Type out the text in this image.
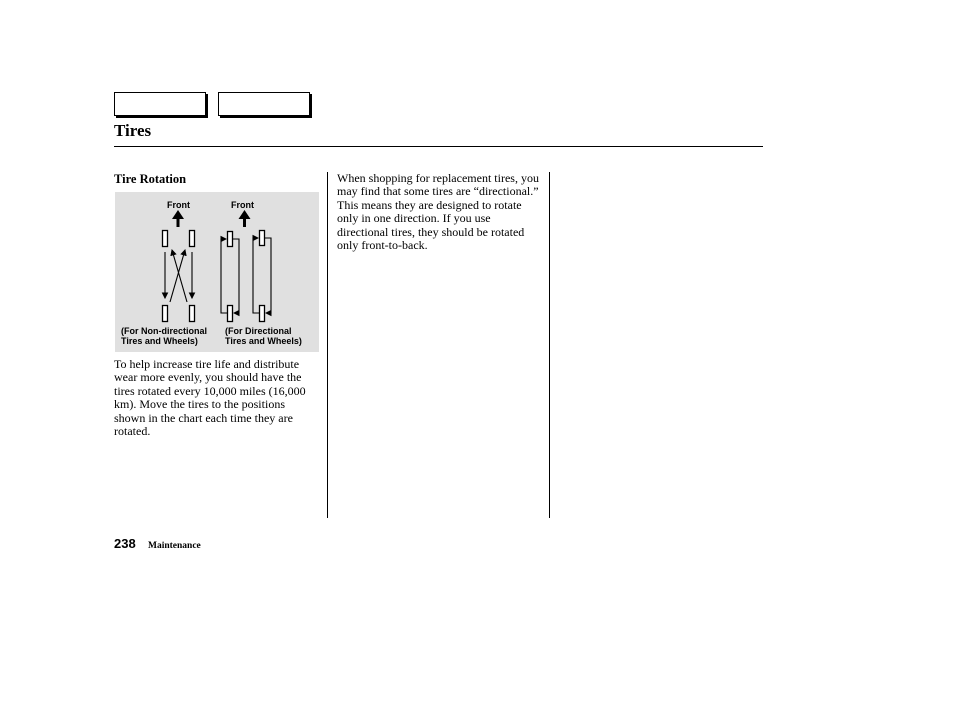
Tires
Tire Rotation
Front	Front
(For Non-directional
Tires and Wheels)
(For Directional
Tires and Wheels)

To help increase tire life and distribute wear more evenly, you should have the tires rotated every 10,000 miles (16,000 km). Move the tires to the positions shown in the chart each time they are rotated.

When shopping for replacement tires, you may find that some tires are “directional.” This means they are designed to rotate only in one direction. If you use directional tires, they should be rotated only front-to-back.

238 Maintenance
